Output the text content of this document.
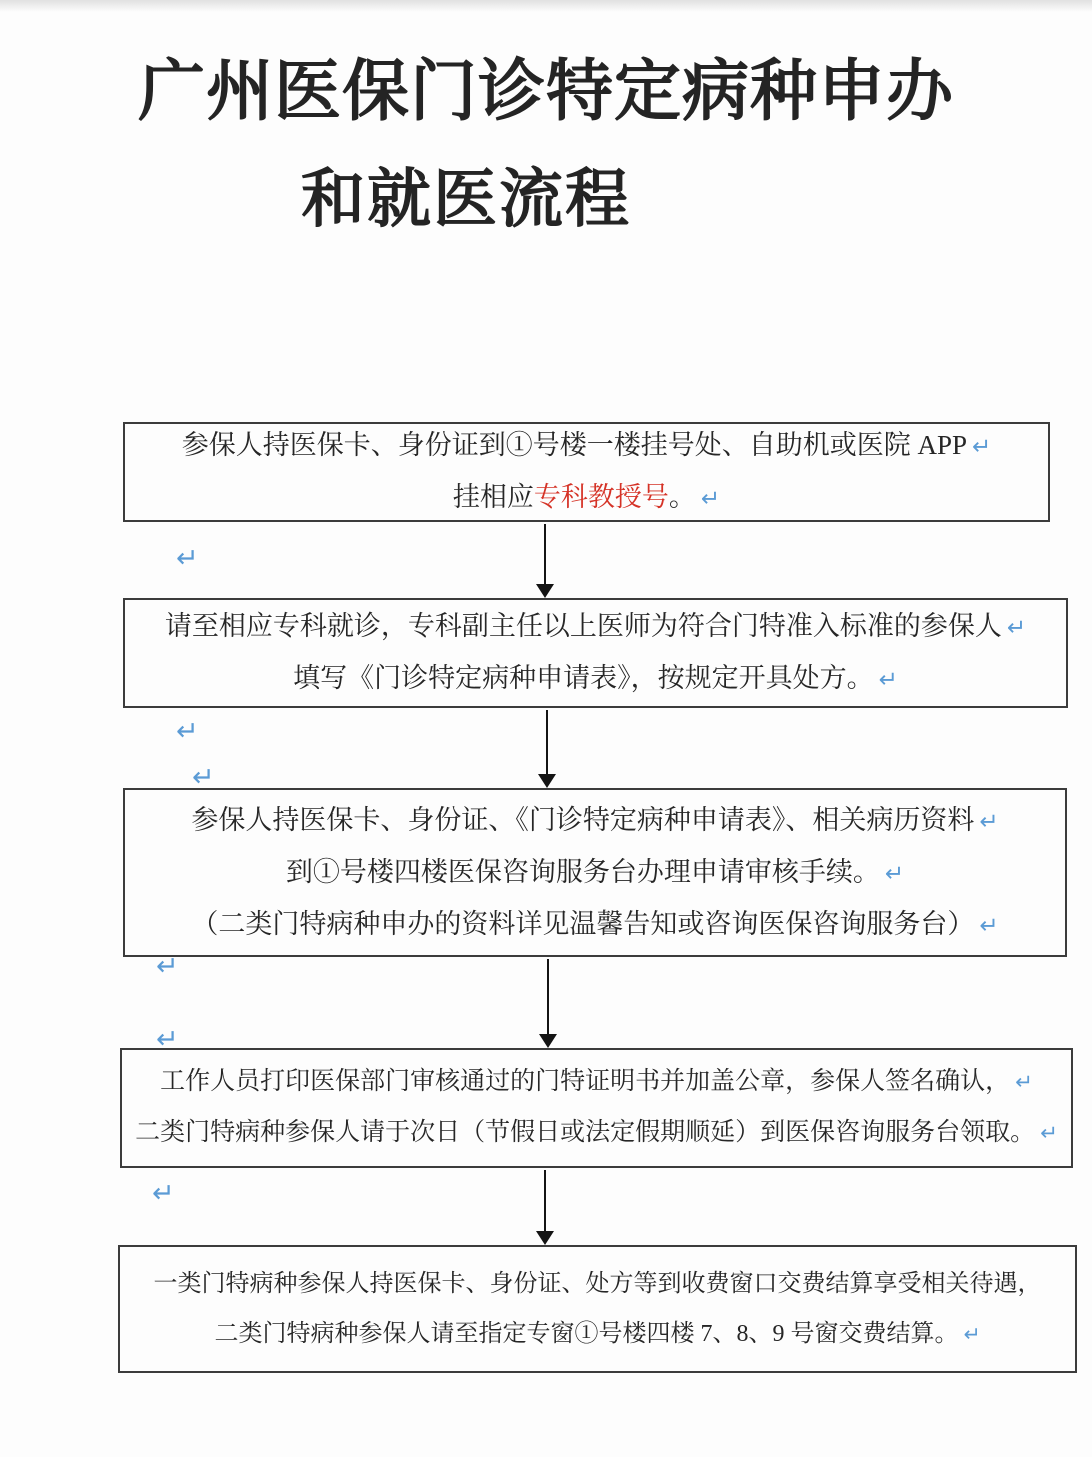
广州医保门诊特定病种申办
和就医流程
参保人持医保卡、身份证到①号楼一楼挂号处、自助机或医院 APP ↵
挂相应专科教授号。 ↵
请至相应专科就诊，专科副主任以上医师为符合门特准入标准的参保人 ↵
填写《门诊特定病种申请表》，按规定开具处方。 ↵
参保人持医保卡、身份证、《门诊特定病种申请表》、相关病历资料 ↵
到①号楼四楼医保咨询服务台办理申请审核手续。 ↵
（二类门特病种申办的资料详见温馨告知或咨询医保咨询服务台） ↵
工作人员打印医保部门审核通过的门特证明书并加盖公章，参保人签名确认， ↵
二类门特病种参保人请于次日（节假日或法定假期顺延）到医保咨询服务台领取。 ↵
一类门特病种参保人持医保卡、身份证、处方等到收费窗口交费结算享受相关待遇，
二类门特病种参保人请至指定专窗①号楼四楼 7、8、9 号窗交费结算。 ↵
↵
↵
↵
↵
↵
↵
